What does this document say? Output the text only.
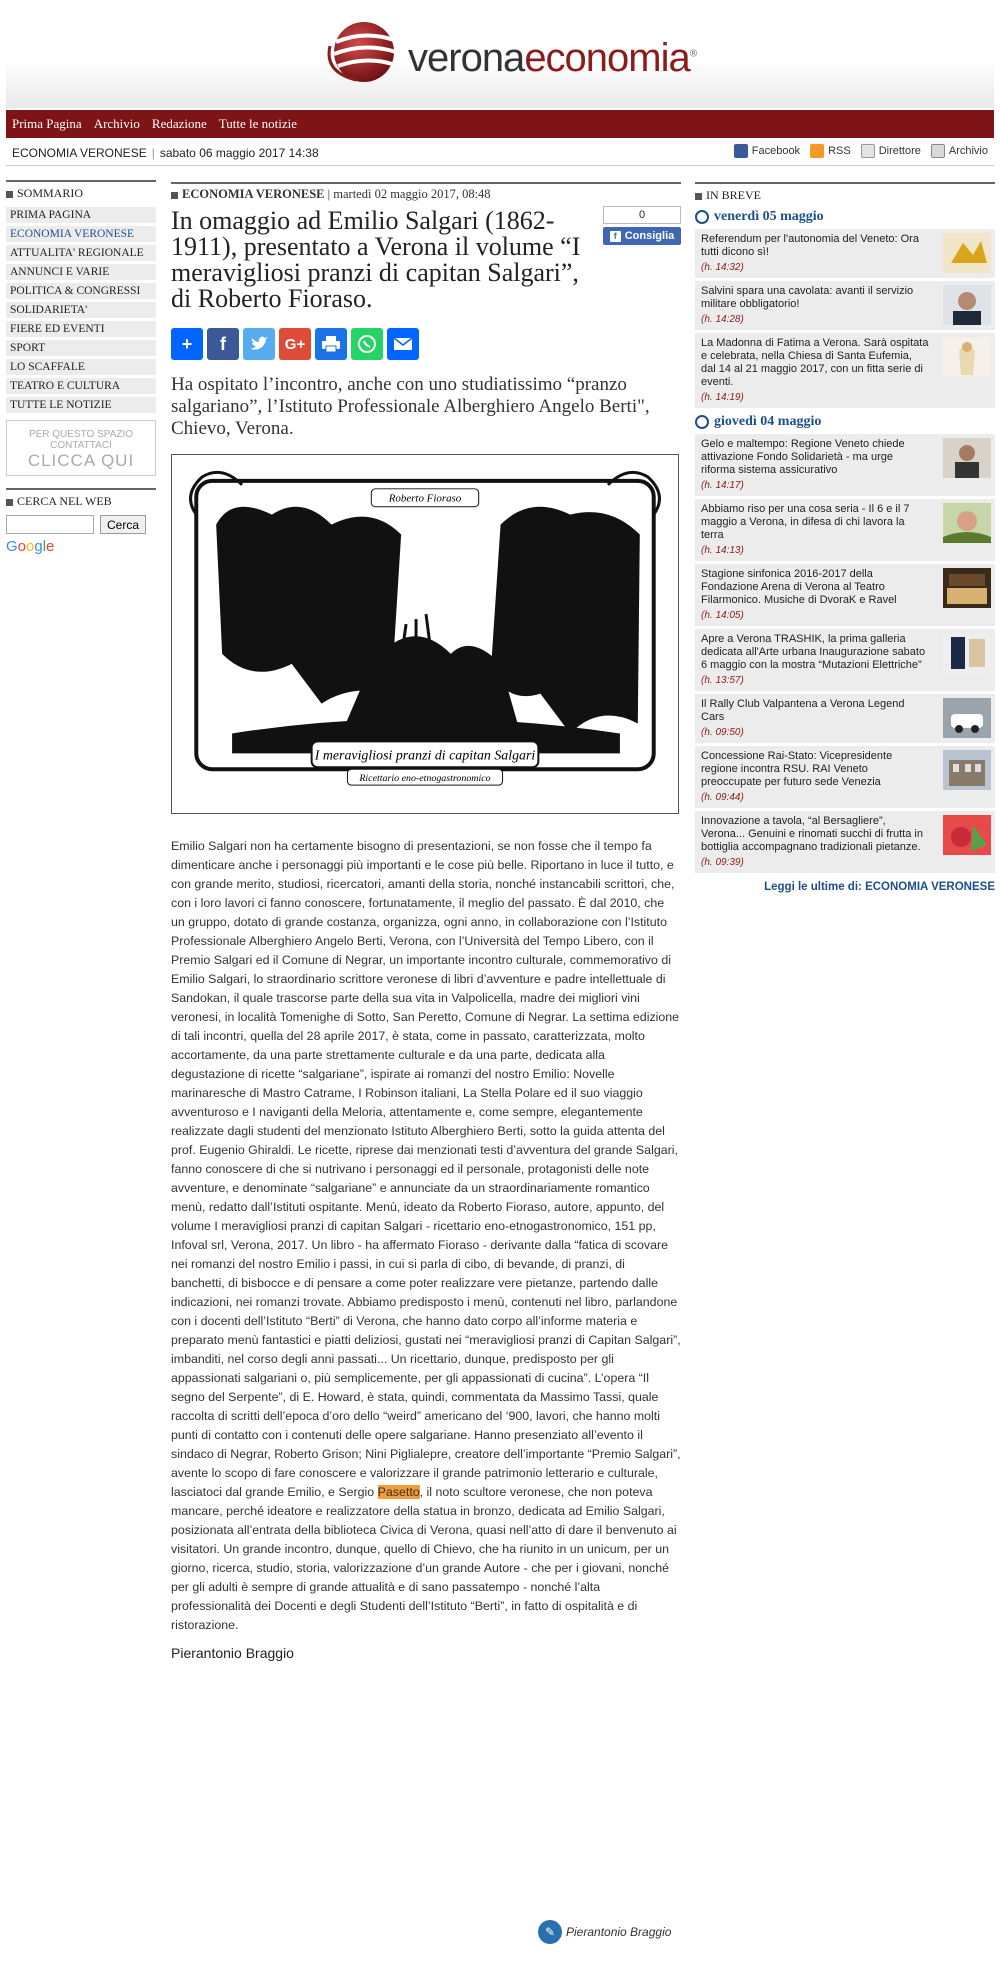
veronaeconomia®
Prima Pagina Archivio Redazione Tutte le notizie
ECONOMIA VERONESE | sabato 06 maggio 2017 14:38	Facebook	RSS	Direttore	Archivio
SOMMARIO
PRIMA PAGINA
ECONOMIA VERONESE
ATTUALITA' REGIONALE
ANNUNCI E VARIE
POLITICA & CONGRESSI
SOLIDARIETA'
FIERE ED EVENTI
SPORT
LO SCAFFALE
TEATRO E CULTURA
TUTTE LE NOTIZIE
PER QUESTO SPAZIO
CONTATTACI
CLICCA QUI
CERCA NEL WEB
Cerca
Google
ECONOMIA VERONESE | martedì 02 maggio 2017, 08:48
In omaggio ad Emilio Salgari (1862-1911), presentato a Verona il volume “I meravigliosi pranzi di capitan Salgari”, di Roberto Fioraso.
0
f Consiglia
+	f	G+
Ha ospitato l’incontro, anche con uno studiatissimo “pranzo salgariano”, l’Istituto Professionale Alberghiero Angelo Berti", Chievo, Verona.
Roberto Fioraso
I meravigliosi pranzi di capitan Salgari
Ricettario eno-etnogastronomico
Emilio Salgari non ha certamente bisogno di presentazioni, se non fosse che il tempo fa dimenticare anche i personaggi più importanti e le cose più belle. Riportano in luce il tutto, e con grande merito, studiosi, ricercatori, amanti della storia, nonché instancabili scrittori, che, con i loro lavori ci fanno conoscere, fortunatamente, il meglio del passato. È dal 2010, che un gruppo, dotato di grande costanza, organizza, ogni anno, in collaborazione con l’Istituto Professionale Alberghiero Angelo Berti, Verona, con l’Università del Tempo Libero, con il Premio Salgari ed il Comune di Negrar, un importante incontro culturale, commemorativo di Emilio Salgari, lo straordinario scrittore veronese di libri d’avventure e padre intellettuale di Sandokan, il quale trascorse parte della sua vita in Valpolicella, madre dei migliori vini veronesi, in località Tomenighe di Sotto, San Peretto, Comune di Negrar. La settima edizione di tali incontri, quella del 28 aprile 2017, è stata, come in passato, caratterizzata, molto accortamente, da una parte strettamente culturale e da una parte, dedicata alla degustazione di ricette “salgariane”, ispirate ai romanzi del nostro Emilio: Novelle marinaresche di Mastro Catrame, I Robinson italiani, La Stella Polare ed il suo viaggio avventuroso e I naviganti della Meloria, attentamente e, come sempre, elegantemente realizzate dagli studenti del menzionato Istituto Alberghiero Berti, sotto la guida attenta del prof. Eugenio Ghiraldi. Le ricette, riprese dai menzionati testi d’avventura del grande Salgari, fanno conoscere di che si nutrivano i personaggi ed il personale, protagonisti delle note avventure, e denominate “salgariane” e annunciate da un straordinariamente romantico menù, redatto dall’Istituti ospitante. Menù, ideato da Roberto Fioraso, autore, appunto, del volume I meravigliosi pranzi di capitan Salgari - ricettario eno-etnogastronomico, 151 pp, Infoval srl, Verona, 2017. Un libro - ha affermato Fioraso - derivante dalla “fatica di scovare nei romanzi del nostro Emilio i passi, in cui si parla di cibo, di bevande, di pranzi, di banchetti, di bisbocce e di pensare a come poter realizzare vere pietanze, partendo dalle indicazioni, nei romanzi trovate. Abbiamo predisposto i menù, contenuti nel libro, parlandone con i docenti dell’Istituto “Berti” di Verona, che hanno dato corpo all’informe materia e preparato menù fantastici e piatti deliziosi, gustati nei “meravigliosi pranzi di Capitan Salgari”, imbanditi, nel corso degli anni passati... Un ricettario, dunque, predisposto per gli appassionati salgariani o, più semplicemente, per gli appassionati di cucina”. L’opera “Il segno del Serpente”, di E. Howard, è stata, quindi, commentata da Massimo Tassi, quale raccolta di scritti dell’epoca d’oro dello “weird” americano del ‘900, lavori, che hanno molti punti di contatto con i contenuti delle opere salgariane. Hanno presenziato all’evento il sindaco di Negrar, Roberto Grison; Nini Piglialepre, creatore dell’importante “Premio Salgari”, avente lo scopo di fare conoscere e valorizzare il grande patrimonio letterario e culturale, lasciatoci dal grande Emilio, e Sergio Pasetto, il noto scultore veronese, che non poteva mancare, perché ideatore e realizzatore della statua in bronzo, dedicata ad Emilio Salgari, posizionata all’entrata della biblioteca Civica di Verona, quasi nell’atto di dare il benvenuto ai visitatori. Un grande incontro, dunque, quello di Chievo, che ha riunito in un unicum, per un giorno, ricerca, studio, storia, valorizzazione d’un grande Autore - che per i giovani, nonché per gli adulti è sempre di grande attualità e di sano passatempo - nonché l’alta professionalità dei Docenti e degli Studenti dell’Istituto “Berti”, in fatto di ospitalità e di ristorazione.
Pierantonio Braggio
✎ Pierantonio Braggio
IN BREVE
venerdì 05 maggio
Referendum per l'autonomia del Veneto: Ora tutti dicono sì!
(h. 14:32)
Salvini spara una cavolata: avanti il servizio militare obbligatorio!
(h. 14:28)
La Madonna di Fatima a Verona. Sarà ospitata e celebrata, nella Chiesa di Santa Eufemia, dal 14 al 21 maggio 2017, con un fitta serie di eventi.
(h. 14:19)
giovedì 04 maggio
Gelo e maltempo: Regione Veneto chiede attivazione Fondo Solidarietà - ma urge riforma sistema assicurativo
(h. 14:17)
Abbiamo riso per una cosa seria - Il 6 e il 7 maggio a Verona, in difesa di chi lavora la terra
(h. 14:13)
Stagione sinfonica 2016-2017 della Fondazione Arena di Verona al Teatro Filarmonico. Musiche di DvoraK e Ravel
(h. 14:05)
Apre a Verona TRASHIK, la prima galleria dedicata all'Arte urbana Inaugurazione sabato 6 maggio con la mostra “Mutazioni Elettriche”
(h. 13:57)
Il Rally Club Valpantena a Verona Legend Cars
(h. 09:50)
Concessione Rai-Stato: Vicepresidente regione incontra RSU. RAI Veneto preoccupate per futuro sede Venezia
(h. 09:44)
Innovazione a tavola, “al Bersagliere”, Verona... Genuini e rinomati succhi di frutta in bottiglia accompagnano tradizionali pietanze.
(h. 09:39)
Leggi le ultime di: ECONOMIA VERONESE
